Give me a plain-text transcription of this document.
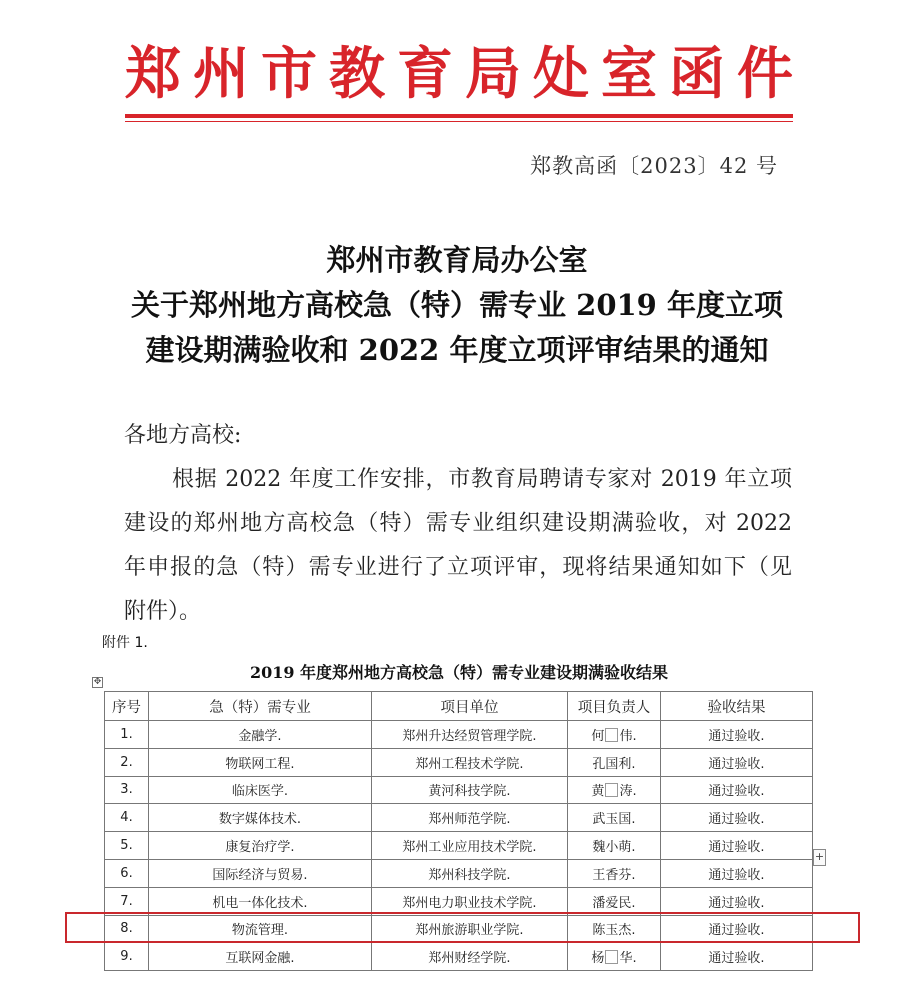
郑 州 市 教 育 局 处 室 函 件
郑教高函〔2023〕42 号
郑州市教育局办公室
关于郑州地方高校急（特）需专业 2019 年度立项
建设期满验收和 2022 年度立项评审结果的通知
各地方高校:
根据 2022 年度工作安排，市教育局聘请专家对 2019 年立项
建设的郑州地方高校急（特）需专业组织建设期满验收，对 2022
年申报的急（特）需专业进行了立项评审，现将结果通知如下（见
附件）。
附件 1.
2019 年度郑州地方高校急（特）需专业建设期满验收结果
✥
序号	急（特）需专业	项目单位	项目负责人	验收结果
1.	金融学.	郑州升达经贸管理学院.	何 伟.	通过验收.
2.	物联网工程.	郑州工程技术学院.	孔国利.	通过验收.
3.	临床医学.	黄河科技学院.	黄 涛.	通过验收.
4.	数字媒体技术.	郑州师范学院.	武玉国.	通过验收.
5.	康复治疗学.	郑州工业应用技术学院.	魏小萌.	通过验收.
6.	国际经济与贸易.	郑州科技学院.	王香芬.	通过验收.
7.	机电一体化技术.	郑州电力职业技术学院.	潘爱民.	通过验收.
8.	物流管理.	郑州旅游职业学院.	陈玉杰.	通过验收.
9.	互联网金融.	郑州财经学院.	杨 华.	通过验收.
+
